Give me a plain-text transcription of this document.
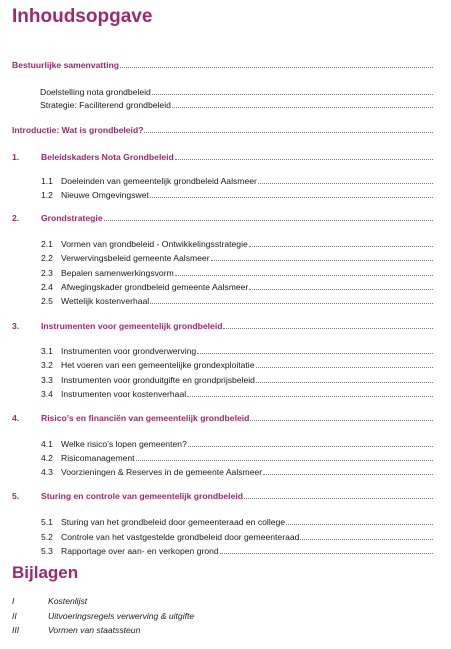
Inhoudsopgave
Bestuurlijke samenvatting
Doelstelling nota grondbeleid
Strategie: Faciliterend grondbeleid
Introductie: Wat is grondbeleid?
1.	Beleidskaders Nota Grondbeleid
1.1 Doeleinden van gemeentelijk grondbeleid Aalsmeer
1.2 Nieuwe Omgevingswet
2.	Grondstrategie
2.1 Vormen van grondbeleid - Ontwikkelingsstrategie
2.2 Verwervingsbeleid gemeente Aalsmeer
2.3 Bepalen samenwerkingsvorm
2.4 Afwegingskader grondbeleid gemeente Aalsmeer
2.5 Wettelijk kostenverhaal
3.	Instrumenten voor gemeentelijk grondbeleid
3.1 Instrumenten voor grondverwerving
3.2 Het voeren van een gemeentelijke grondexploitatie
3.3 Instrumenten voor gronduitgifte en grondprijsbeleid
3.4 Instrumenten voor kostenverhaal
4.	Risico’s en financiën van gemeentelijk grondbeleid
4.1 Welke risico’s lopen gemeenten?
4.2 Risicomanagement
4.3 Voorzieningen & Reserves in de gemeente Aalsmeer
5.	Sturing en controle van gemeentelijk grondbeleid
5.1 Sturing van het grondbeleid door gemeenteraad en college
5.2 Controle van het vastgestelde grondbeleid door gemeenteraad
5.3 Rapportage over aan- en verkopen grond
Bijlagen
I	Kostenlijst
II	Uitvoeringsregels verwerving & uitgifte
III	Vormen van staatssteun
